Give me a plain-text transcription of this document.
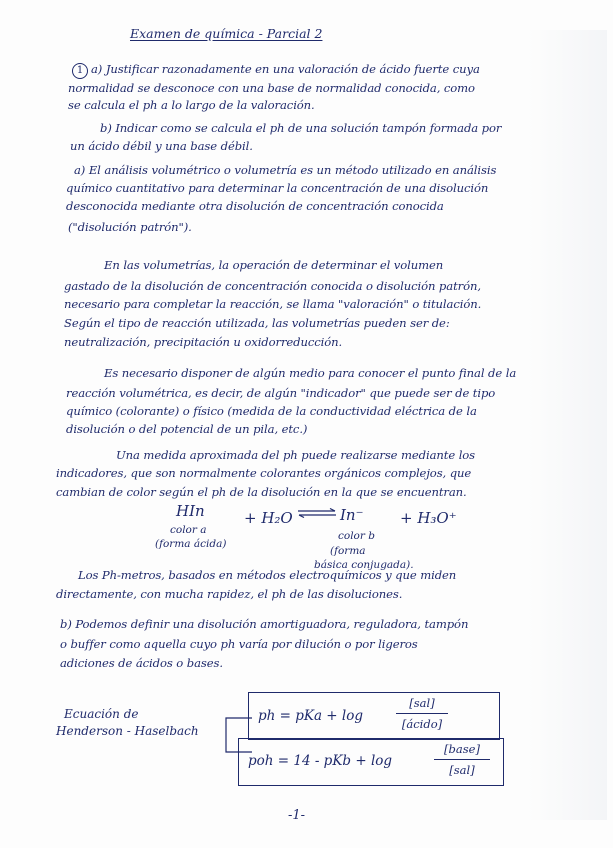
Examen de química - Parcial 2
1 a) Justificar razonadamente en una valoración de ácido fuerte cuya
normalidad se desconoce con una base de normalidad conocida, como
se calcula el ph a lo largo de la valoración.
b) Indicar como se calcula el ph de una solución tampón formada por
un ácido débil y una base débil.
a) El análisis volumétrico o volumetría es un método utilizado en análisis
químico cuantitativo para determinar la concentración de una disolución
desconocida mediante otra disolución de concentración conocida
("disolución patrón").
En las volumetrías, la operación de determinar el volumen
gastado de la disolución de concentración conocida o disolución patrón,
necesario para completar la reacción, se llama "valoración" o titulación.
Según el tipo de reacción utilizada, las volumetrías pueden ser de:
neutralización, precipitación u oxidorreducción.
Es necesario disponer de algún medio para conocer el punto final de la
reacción volumétrica, es decir, de algún "indicador" que puede ser de tipo
químico (colorante) o físico (medida de la conductividad eléctrica de la
disolución o del potencial de un pila, etc.)
Una medida aproximada del ph puede realizarse mediante los
indicadores, que son normalmente colorantes orgánicos complejos, que
cambian de color según el ph de la disolución en la que se encuentran.
HIn	+ H₂O ⇌ In⁻ + H₃O⁺
color a
(forma ácida)
color b
(forma
básica conjugada).
Los Ph-metros, basados en métodos electroquímicos y que miden
directamente, con mucha rapidez, el ph de las disoluciones.
b) Podemos definir una disolución amortiguadora, reguladora, tampón
o buffer como aquella cuyo ph varía por dilución o por ligeros
adiciones de ácidos o bases.
Ecuación de
Henderson - Haselbach
ph = pKa + log
[sal]
[ácido]
poh = 14 - pKb + log
[base]
[sal]
-1-
